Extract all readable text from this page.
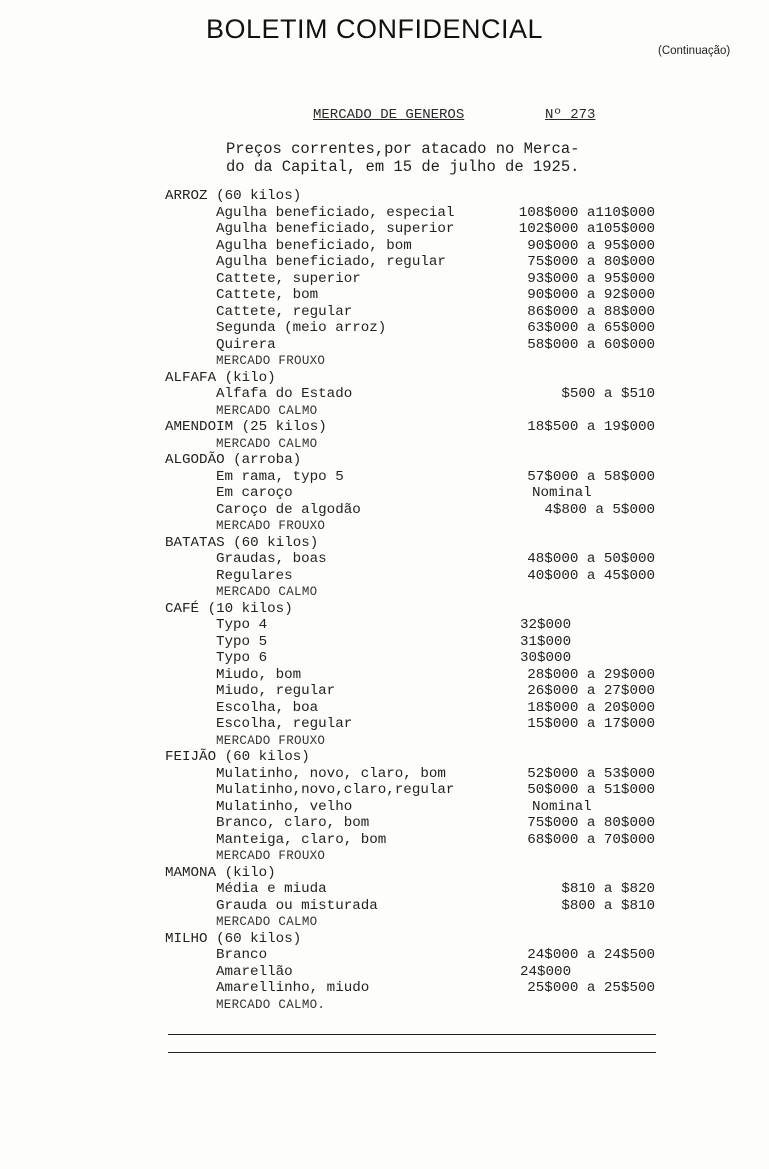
BOLETIM CONFIDENCIAL
(Continuação)
MERCADO DE GENEROS	Nº 273
Preços correntes,por atacado no Merca-
do da Capital, em 15 de julho de 1925.
ARROZ (60 kilos)
Agulha beneficiado, especial	108$000 a110$000
Agulha beneficiado, superior	102$000 a105$000
Agulha beneficiado, bom	90$000 a 95$000
Agulha beneficiado, regular	75$000 a 80$000
Cattete, superior	93$000 a 95$000
Cattete, bom	90$000 a 92$000
Cattete, regular	86$000 a 88$000
Segunda (meio arroz)	63$000 a 65$000
Quirera	58$000 a 60$000
MERCADO FROUXO
ALFAFA (kilo)
Alfafa do Estado	$500 a $510
MERCADO CALMO
AMENDOIM (25 kilos)	18$500 a 19$000
MERCADO CALMO
ALGODÃO (arroba)
Em rama, typo 5	57$000 a 58$000
Em caroço	Nominal
Caroço de algodão	4$800 a 5$000
MERCADO FROUXO
BATATAS (60 kilos)
Graudas, boas	48$000 a 50$000
Regulares	40$000 a 45$000
MERCADO CALMO
CAFÉ (10 kilos)
Typo 4	32$000
Typo 5	31$000
Typo 6	30$000
Miudo, bom	28$000 a 29$000
Miudo, regular	26$000 a 27$000
Escolha, boa	18$000 a 20$000
Escolha, regular	15$000 a 17$000
MERCADO FROUXO
FEIJÃO (60 kilos)
Mulatinho, novo, claro, bom	52$000 a 53$000
Mulatinho,novo,claro,regular	50$000 a 51$000
Mulatinho, velho	Nominal
Branco, claro, bom	75$000 a 80$000
Manteiga, claro, bom	68$000 a 70$000
MERCADO FROUXO
MAMONA (kilo)
Média e miuda	$810 a $820
Grauda ou misturada	$800 a $810
MERCADO CALMO
MILHO (60 kilos)
Branco	24$000 a 24$500
Amarellão	24$000
Amarellinho, miudo	25$000 a 25$500
MERCADO CALMO.
